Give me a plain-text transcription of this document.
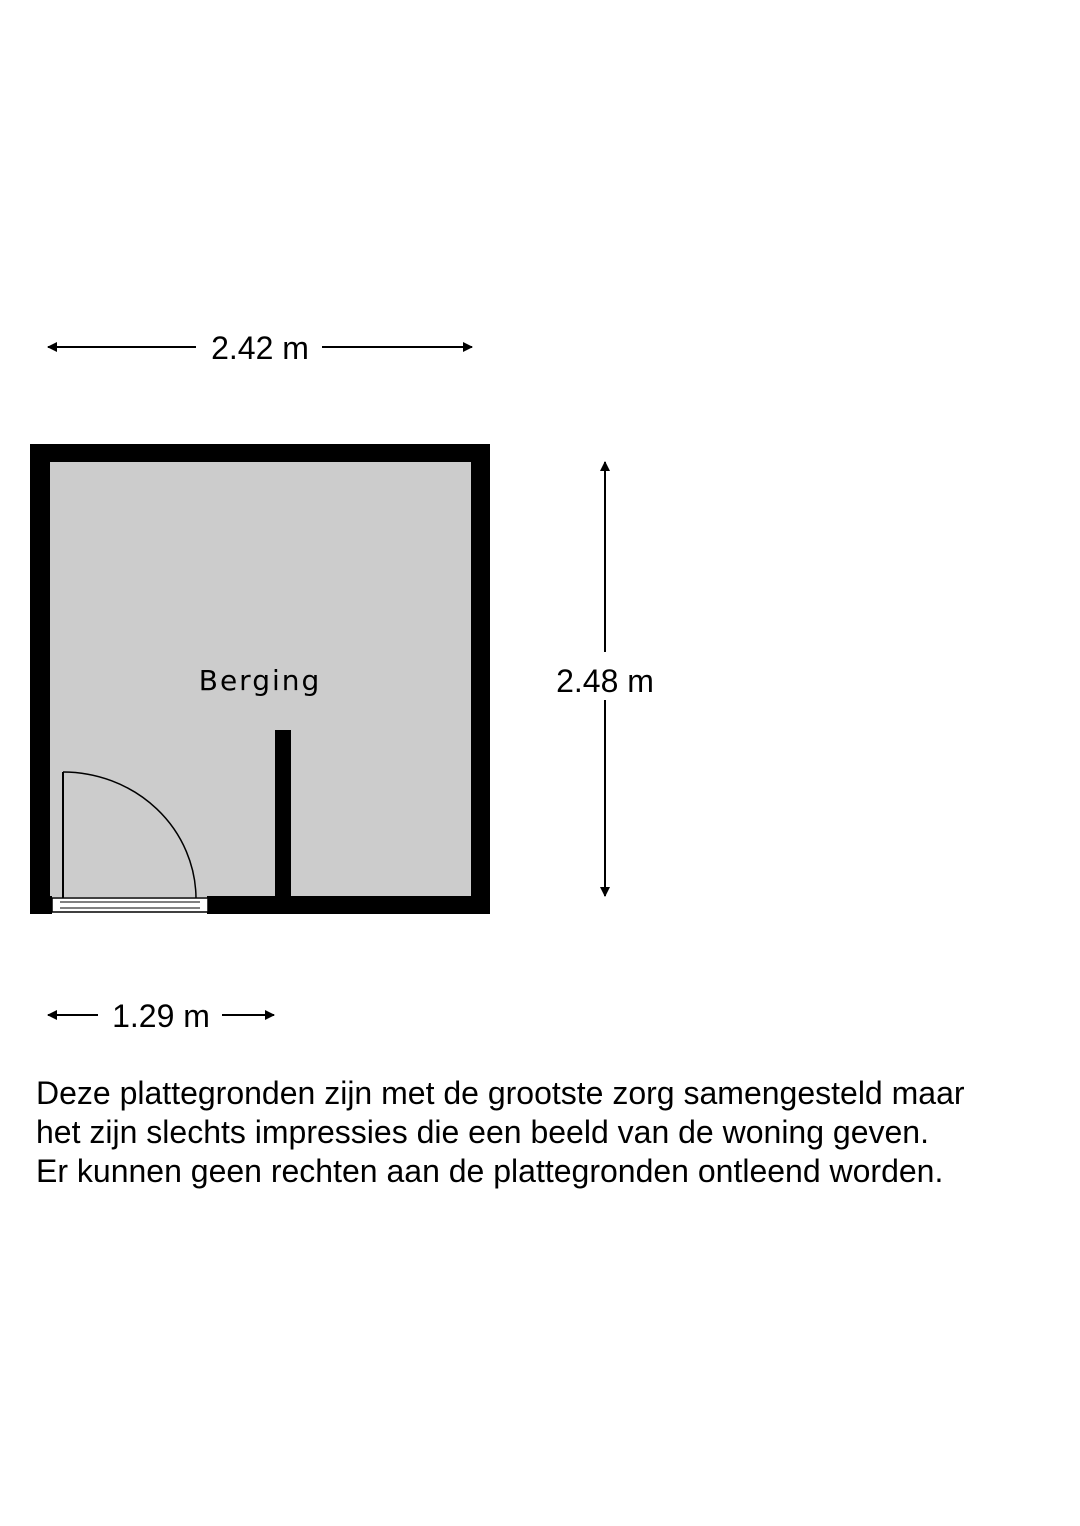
2.42 m
Berging	2.48 m
1.29 m

Deze plattegronden zijn met de grootste zorg samengesteld maar
het zijn slechts impressies die een beeld van de woning geven.
Er kunnen geen rechten aan de plattegronden ontleend worden.
